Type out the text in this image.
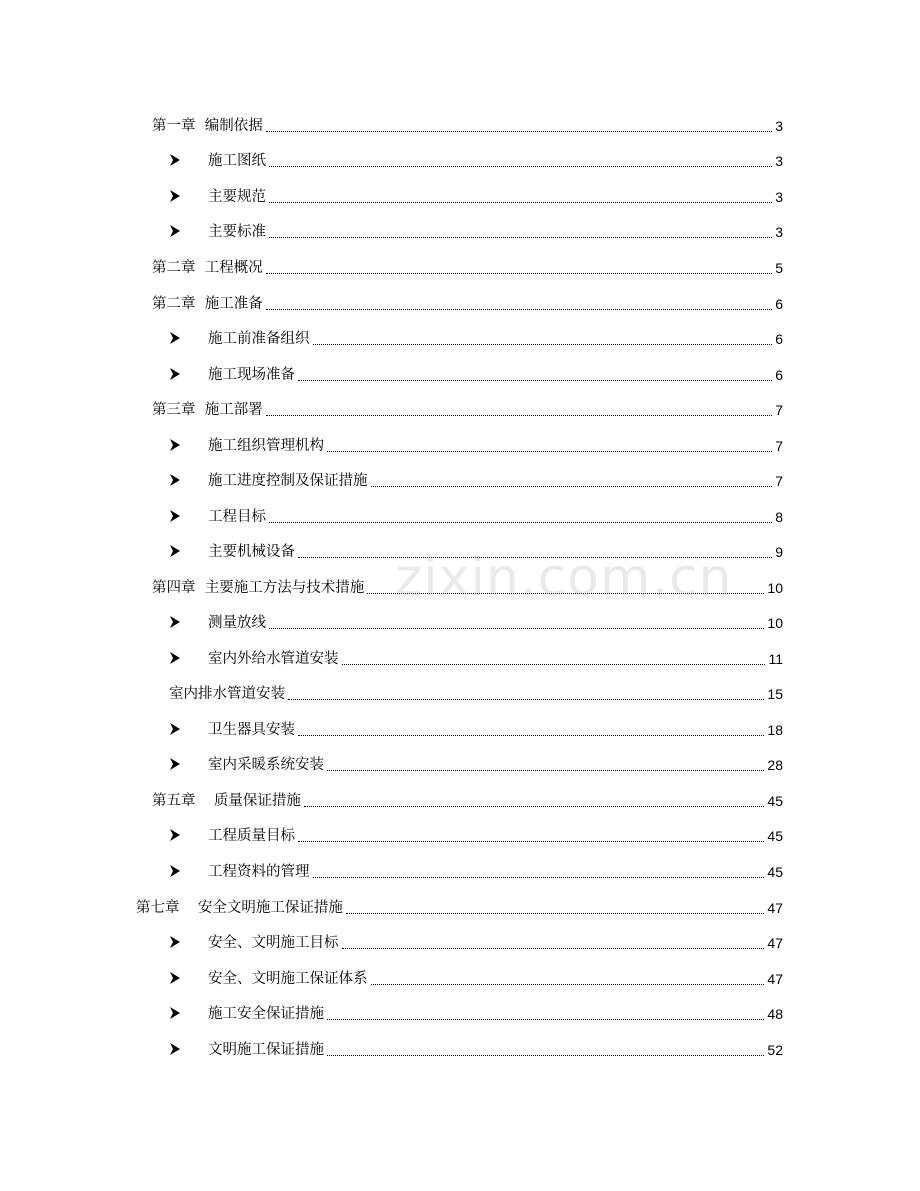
第一章  编制依据	3
施工图纸	3
主要规范	3
主要标准	3
第二章  工程概况	5
第二章  施工准备	6
施工前准备组织	6
施工现场准备	6
第三章  施工部署	7
施工组织管理机构	7
施工进度控制及保证措施	7
工程目标	8
主要机械设备	9
第四章  主要施工方法与技术措施	10
测量放线	10
室内外给水管道安装	11
室内排水管道安装	15
卫生器具安装	18
室内采暖系统安装	28
第五章    质量保证措施	45
工程质量目标	45
工程资料的管理	45
第七章    安全文明施工保证措施	47
安全、文明施工目标	47
安全、文明施工保证体系	47
施工安全保证措施	48
文明施工保证措施	52
zixin.com.cn
